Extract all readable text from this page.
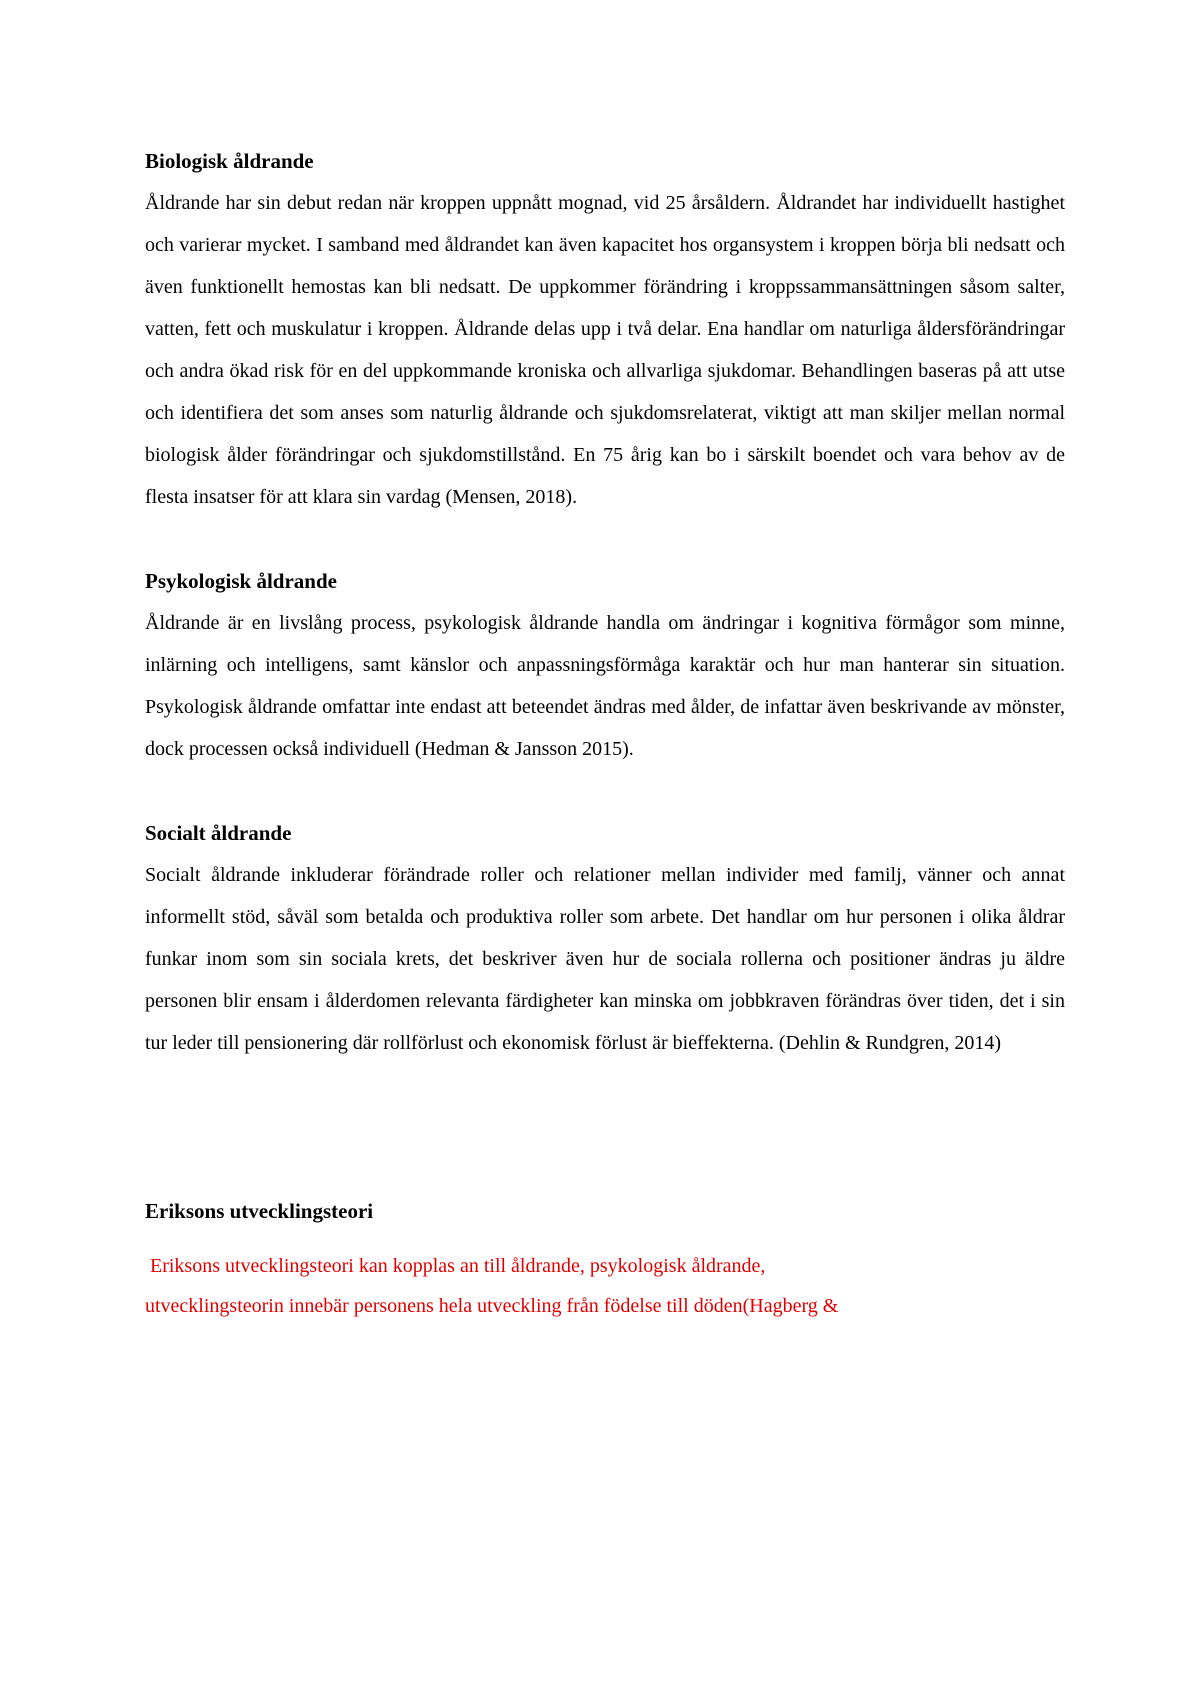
Biologisk åldrande

Åldrande har sin debut redan när kroppen uppnått mognad, vid 25 årsåldern. Åldrandet har individuellt hastighet och varierar mycket. I samband med åldrandet kan även kapacitet hos organsystem i kroppen börja bli nedsatt och även funktionellt hemostas kan bli nedsatt. De uppkommer förändring i kroppssammansättningen såsom salter, vatten, fett och muskulatur i kroppen. Åldrande delas upp i två delar. Ena handlar om naturliga åldersförändringar och andra ökad risk för en del uppkommande kroniska och allvarliga sjukdomar. Behandlingen baseras på att utse och identifiera det som anses som naturlig åldrande och sjukdomsrelaterat, viktigt att man skiljer mellan normal biologisk ålder förändringar och sjukdomstillstånd. En 75 årig kan bo i särskilt boendet och vara behov av de flesta insatser för att klara sin vardag (Mensen, 2018).

Psykologisk åldrande

Åldrande är en livslång process, psykologisk åldrande handla om ändringar i kognitiva förmågor som minne, inlärning och intelligens, samt känslor och anpassningsförmåga karaktär och hur man hanterar sin situation. Psykologisk åldrande omfattar inte endast att beteendet ändras med ålder, de infattar även beskrivande av mönster, dock processen också individuell (Hedman & Jansson 2015).

Socialt åldrande

Socialt åldrande inkluderar förändrade roller och relationer mellan individer med familj, vänner och annat informellt stöd, såväl som betalda och produktiva roller som arbete. Det handlar om hur personen i olika åldrar funkar inom som sin sociala krets, det beskriver även hur de sociala rollerna och positioner ändras ju äldre personen blir ensam i ålderdomen relevanta färdigheter kan minska om jobbkraven förändras över tiden, det i sin tur leder till pensionering där rollförlust och ekonomisk förlust är bieffekterna. (Dehlin & Rundgren, 2014)

Eriksons utvecklingsteori

Eriksons utvecklingsteori kan kopplas an till åldrande, psykologisk åldrande,

utvecklingsteorin innebär personens hela utveckling från födelse till döden(Hagberg &
